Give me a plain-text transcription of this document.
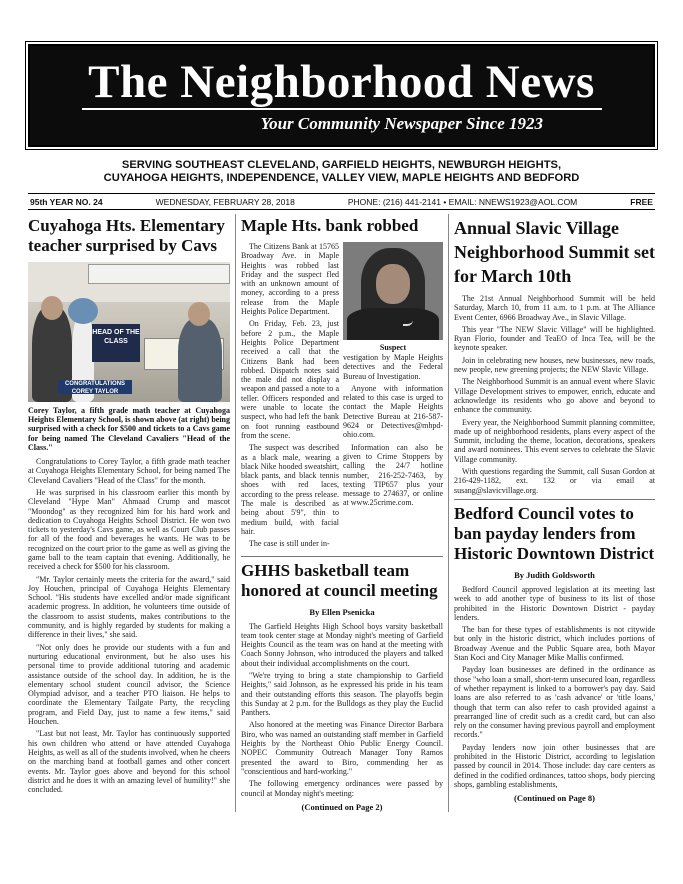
The Neighborhood News
Your Community Newspaper Since 1923
SERVING SOUTHEAST CLEVELAND, GARFIELD HEIGHTS, NEWBURGH HEIGHTS,
CUYAHOGA HEIGHTS, INDEPENDENCE, VALLEY VIEW, MAPLE HEIGHTS AND BEDFORD
95th YEAR NO. 24	WEDNESDAY, FEBRUARY 28, 2018	PHONE: (216) 441-2141 • EMAIL: NNEWS1923@AOL.COM	FREE
Cuyahoga Hts. Elementary teacher surprised by Cavs
HEAD OF THE CLASS
CONGRATULATIONS COREY TAYLOR
Corey Taylor, a fifth grade math teacher at Cuyahoga Heights Elementary School, is shown above (at right) being surprised with a check for $500 and tickets to a Cavs game for being named The Cleveland Cavaliers "Head of the Class."

Congratulations to Corey Taylor, a fifth grade math teacher at Cuyahoga Heights Elementary School, for being named The Cleveland Cavaliers "Head of the Class" for the month.

He was surprised in his classroom earlier this month by Cleveland "Hype Man" Ahmaad Crump and mascot "Moondog" as they recognized him for his hard work and dedication to Cuyahoga Heights School District. He won two tickets to yesterday's Cavs game, as well as Court Club passes for all of the food and beverages he wants. He was to be recognized on the court prior to the game as well as giving the game ball to the team captain that evening. Additionally, he received a check for $500 for his classroom.

"Mr. Taylor certainly meets the criteria for the award," said Joy Houchen, principal of Cuyahoga Heights Elementary School. "His students have excelled and/or made significant academic progress. In addition, he volunteers time outside of the classroom to assist students, makes contributions to the community, and is highly regarded by students for making a difference in their lives," she said.

"Not only does he provide our students with a fun and nurturing educational environment, but he also uses his personal time to provide additional tutoring and academic assistance outside of the school day. In addition, he is the elementary school student council advisor, the Science Olympiad advisor, and a teacher PTO liaison. He helps to coordinate the Elementary Tailgate Party, the recycling program, and Field Day, just to name a few items," said Houchen.

"Last but not least, Mr. Taylor has continuously supported his own children who attend or have attended Cuyahoga Heights, as well as all of the students involved, when he cheers on the marching band at football games and other concert events. Mr. Taylor goes above and beyond for this school district and he does it with an amazing level of humility!" she concluded.

Maple Hts. bank robbed

The Citizens Bank at 15765 Broadway Ave. in Maple Heights was robbed last Friday and the suspect fled with an unknown amount of money, according to a press release from the Maple Heights Police Department.

On Friday, Feb. 23, just before 2 p.m., the Maple Heights Police Department received a call that the Citizens Bank had been robbed. Dispatch notes said the male did not display a weapon and passed a note to a teller. Officers responded and were unable to locate the suspect, who had left the bank on foot running eastbound from the scene.

The suspect was described as a black male, wearing a black Nike hooded sweatshirt, black pants, and black tennis shoes with red laces, according to the press release. The male is described as being about 5'9", thin to medium build, with facial hair.

The case is still under in-

Suspect

vestigation by Maple Heights detectives and the Federal Bureau of Investigation.

Anyone with information related to this case is urged to contact the Maple Heights Detective Bureau at 216-587-9624 or Detectives@mhpd-ohio.com.

Information can also be given to Crime Stoppers by calling the 24/7 hotline number, 216-252-7463, by texting TIP657 plus your message to 274637, or online at www.25crime.com.

GHHS basketball team honored at council meeting
By Ellen Psenicka

The Garfield Heights High School boys varsity basketball team took center stage at Monday night's meeting of Garfield Heights Council as the team was on hand at the meeting with Coach Sonny Johnson, who introduced the players and talked about their individual accomplishments on the court.

"We're trying to bring a state championship to Garfield Heights," said Johnson, as he expressed his pride in his team and their outstanding efforts this season. The playoffs begin this Sunday at 2 p.m. for the Bulldogs as they play the Euclid Panthers.

Also honored at the meeting was Finance Director Barbara Biro, who was named an outstanding staff member in Garfield Heights by the Northeast Ohio Public Energy Council. NOPEC Community Outreach Manager Tony Ramos presented the award to Biro, commending her as "conscientious and hard-working."

The following emergency ordinances were passed by council at Monday night's meeting:

(Continued on Page 2)
Annual Slavic Village Neighborhood Summit set for March 10th

The 21st Annual Neighborhood Summit will be held Saturday, March 10, from 11 a.m. to 1 p.m. at The Alliance Event Center, 6966 Broadway Ave., in Slavic Village.

This year "The NEW Slavic Village" will be highlighted. Ryan Florio, founder and TeaEO of Inca Tea, will be the keynote speaker.

Join in celebrating new houses, new businesses, new roads, new people, new greening projects; the NEW Slavic Village.

The Neighborhood Summit is an annual event where Slavic Village Development strives to empower, enrich, educate and acknowledge its residents who go above and beyond to enhance the community.

Every year, the Neighborhood Summit planning committee, made up of neighborhood residents, plans every aspect of the Summit, including the theme, location, decorations, speakers and award nominees. This event serves to celebrate the Slavic Village community.

With questions regarding the Summit, call Susan Gordon at 216-429-1182, ext. 132 or via email at susang@slavicvillage.org.

Bedford Council votes to ban payday lenders from Historic Downtown District
By Judith Goldsworth

Bedford Council approved legislation at its meeting last week to add another type of business to its list of those prohibited in the Historic Downtown District - payday lenders.

The ban for these types of establishments is not citywide but only in the historic district, which includes portions of Broadway Avenue and the Public Square area, both Mayor Stan Koci and City Manager Mike Mallis confirmed.

Payday loan businesses are defined in the ordinance as those "who loan a small, short-term unsecured loan, regardless of whether repayment is linked to a borrower's pay day. Said loans are also referred to as 'cash advance' or 'title loans,' though that term can also refer to cash provided against a prearranged line of credit such as a credit card, but can also rely on the consumer having previous payroll and employment records."

Payday lenders now join other businesses that are prohibited in the Historic District, according to legislation passed by council in 2014. Those include: day care centers as defined in the codified ordinances, tattoo shops, body piercing shops, gambling establishments,

(Continued on Page 8)
